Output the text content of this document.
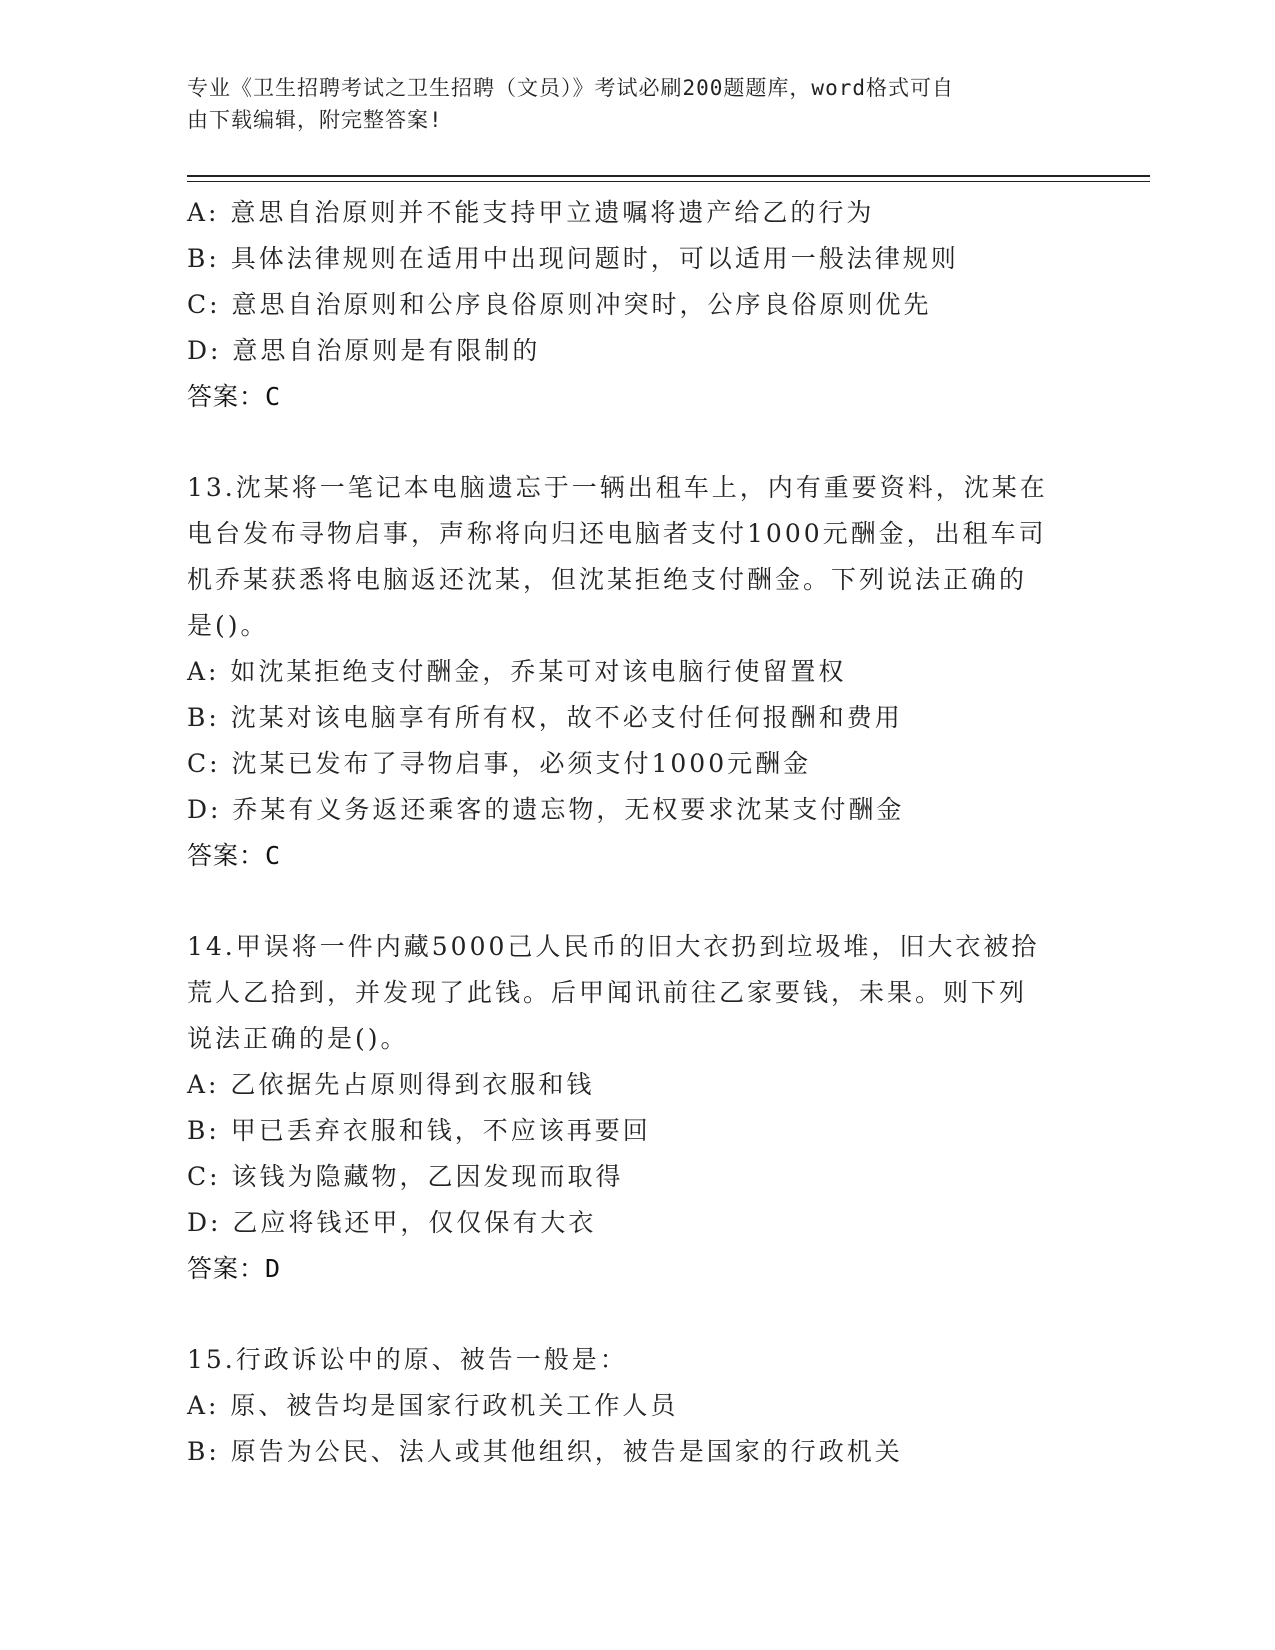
专业《卫生招聘考试之卫生招聘（文员）》考试必刷200题题库，word格式可自
由下载编辑，附完整答案!
A: 意思自治原则并不能支持甲立遗嘱将遗产给乙的行为
B: 具体法律规则在适用中出现问题时，可以适用一般法律规则
C: 意思自治原则和公序良俗原则冲突时，公序良俗原则优先
D: 意思自治原则是有限制的
答案：C
13.沈某将一笔记本电脑遗忘于一辆出租车上，内有重要资料，沈某在
电台发布寻物启事，声称将向归还电脑者支付1000元酬金，出租车司
机乔某获悉将电脑返还沈某，但沈某拒绝支付酬金。下列说法正确的
是()。
A: 如沈某拒绝支付酬金，乔某可对该电脑行使留置权
B: 沈某对该电脑享有所有权，故不必支付任何报酬和费用
C: 沈某已发布了寻物启事，必须支付1000元酬金
D: 乔某有义务返还乘客的遗忘物，无权要求沈某支付酬金
答案：C
14.甲误将一件内藏5000己人民币的旧大衣扔到垃圾堆，旧大衣被拾
荒人乙拾到，并发现了此钱。后甲闻讯前往乙家要钱，未果。则下列
说法正确的是()。
A: 乙依据先占原则得到衣服和钱
B: 甲已丢弃衣服和钱，不应该再要回
C: 该钱为隐藏物，乙因发现而取得
D: 乙应将钱还甲，仅仅保有大衣
答案：D
15.行政诉讼中的原、被告一般是：
A: 原、被告均是国家行政机关工作人员
B: 原告为公民、法人或其他组织，被告是国家的行政机关
